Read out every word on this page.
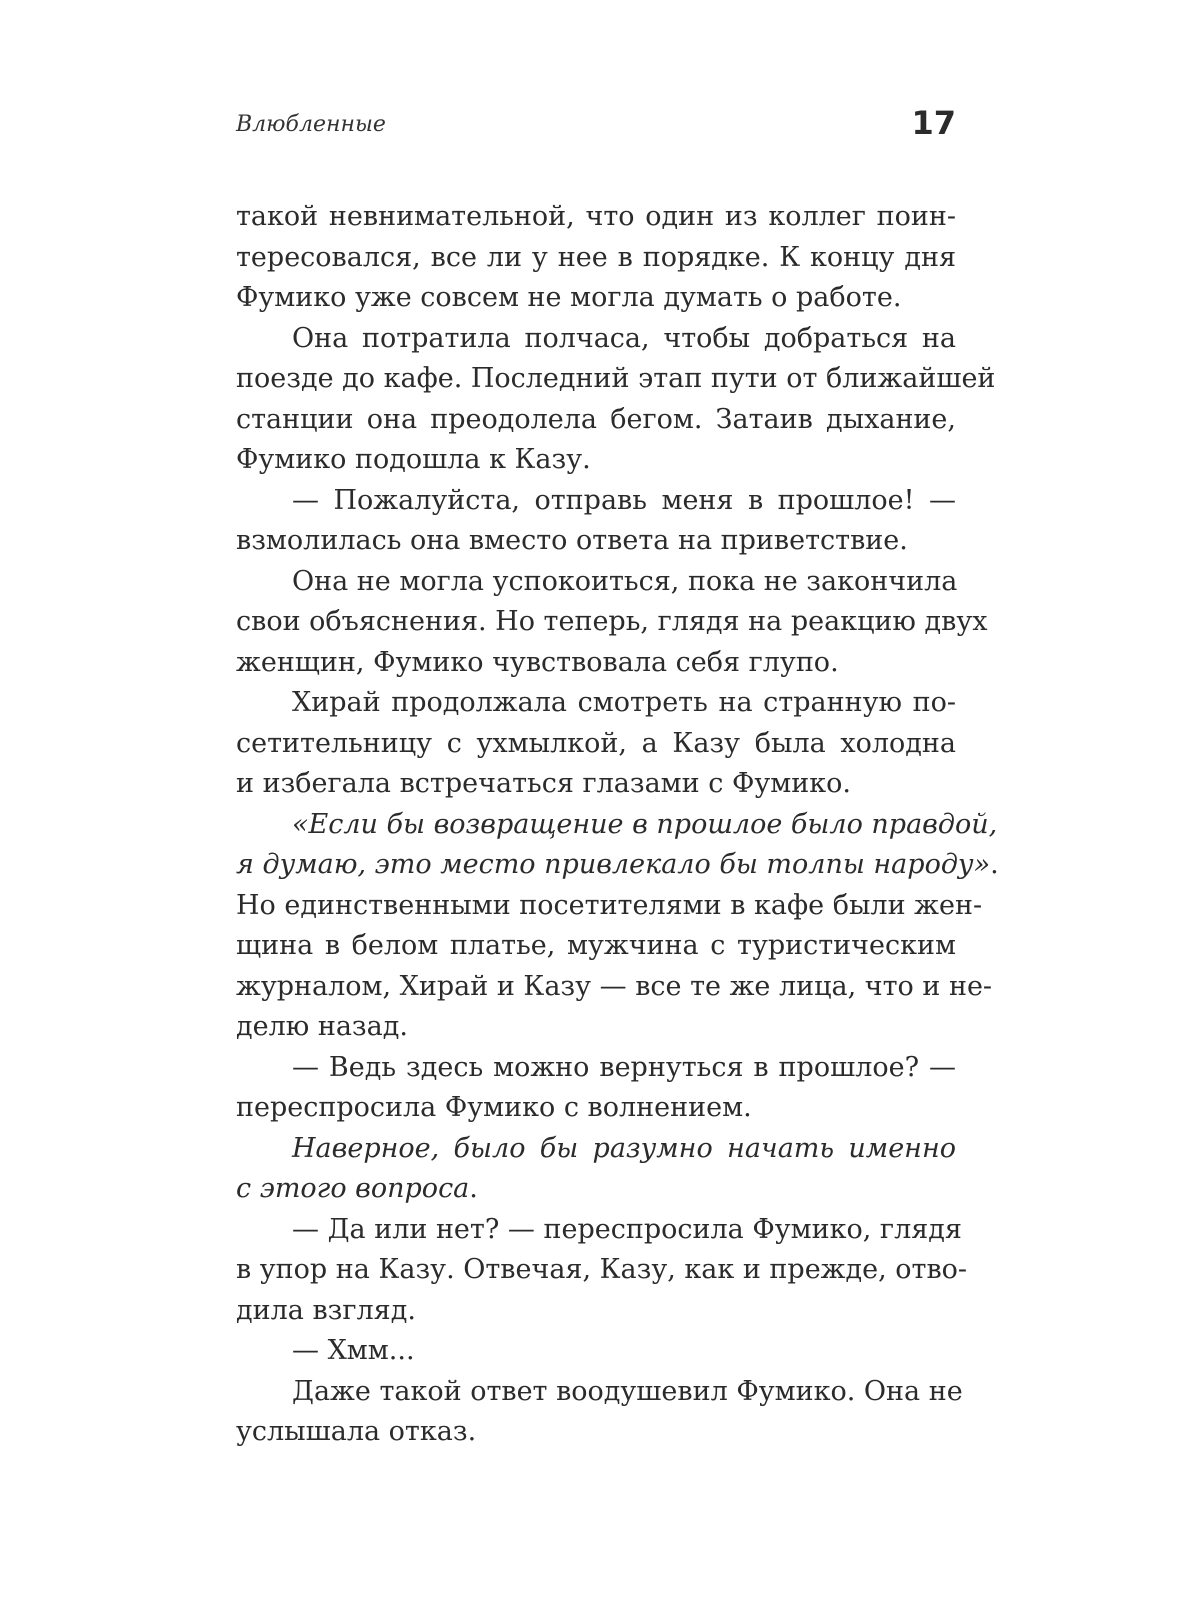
Влюбленные	17
такой невнимательной, что один из коллег поин-
тересовался, все ли у нее в порядке. К концу дня
Фумико уже совсем не могла думать о работе.
Она потратила полчаса, чтобы добраться на
поезде до кафе. Последний этап пути от ближайшей
станции она преодолела бегом. Затаив дыхание,
Фумико подошла к Казу.
— Пожалуйста, отправь меня в прошлое! —
взмолилась она вместо ответа на приветствие.
Она не могла успокоиться, пока не закончила
свои объяснения. Но теперь, глядя на реакцию двух
женщин, Фумико чувствовала себя глупо.
Хирай продолжала смотреть на странную по-
сетительницу с ухмылкой, а Казу была холодна
и избегала встречаться глазами с Фумико.
«Если бы возвращение в прошлое было правдой,
я думаю, это место привлекало бы толпы народу».
Но единственными посетителями в кафе были жен-
щина в белом платье, мужчина с туристическим
журналом, Хирай и Казу — все те же лица, что и не-
делю назад.
— Ведь здесь можно вернуться в прошлое? —
переспросила Фумико с волнением.
Наверное, было бы разумно начать именно
с этого вопроса.
— Да или нет? — переспросила Фумико, глядя
в упор на Казу. Отвечая, Казу, как и прежде, отво-
дила взгляд.
— Хмм...
Даже такой ответ воодушевил Фумико. Она не
услышала отказ.
